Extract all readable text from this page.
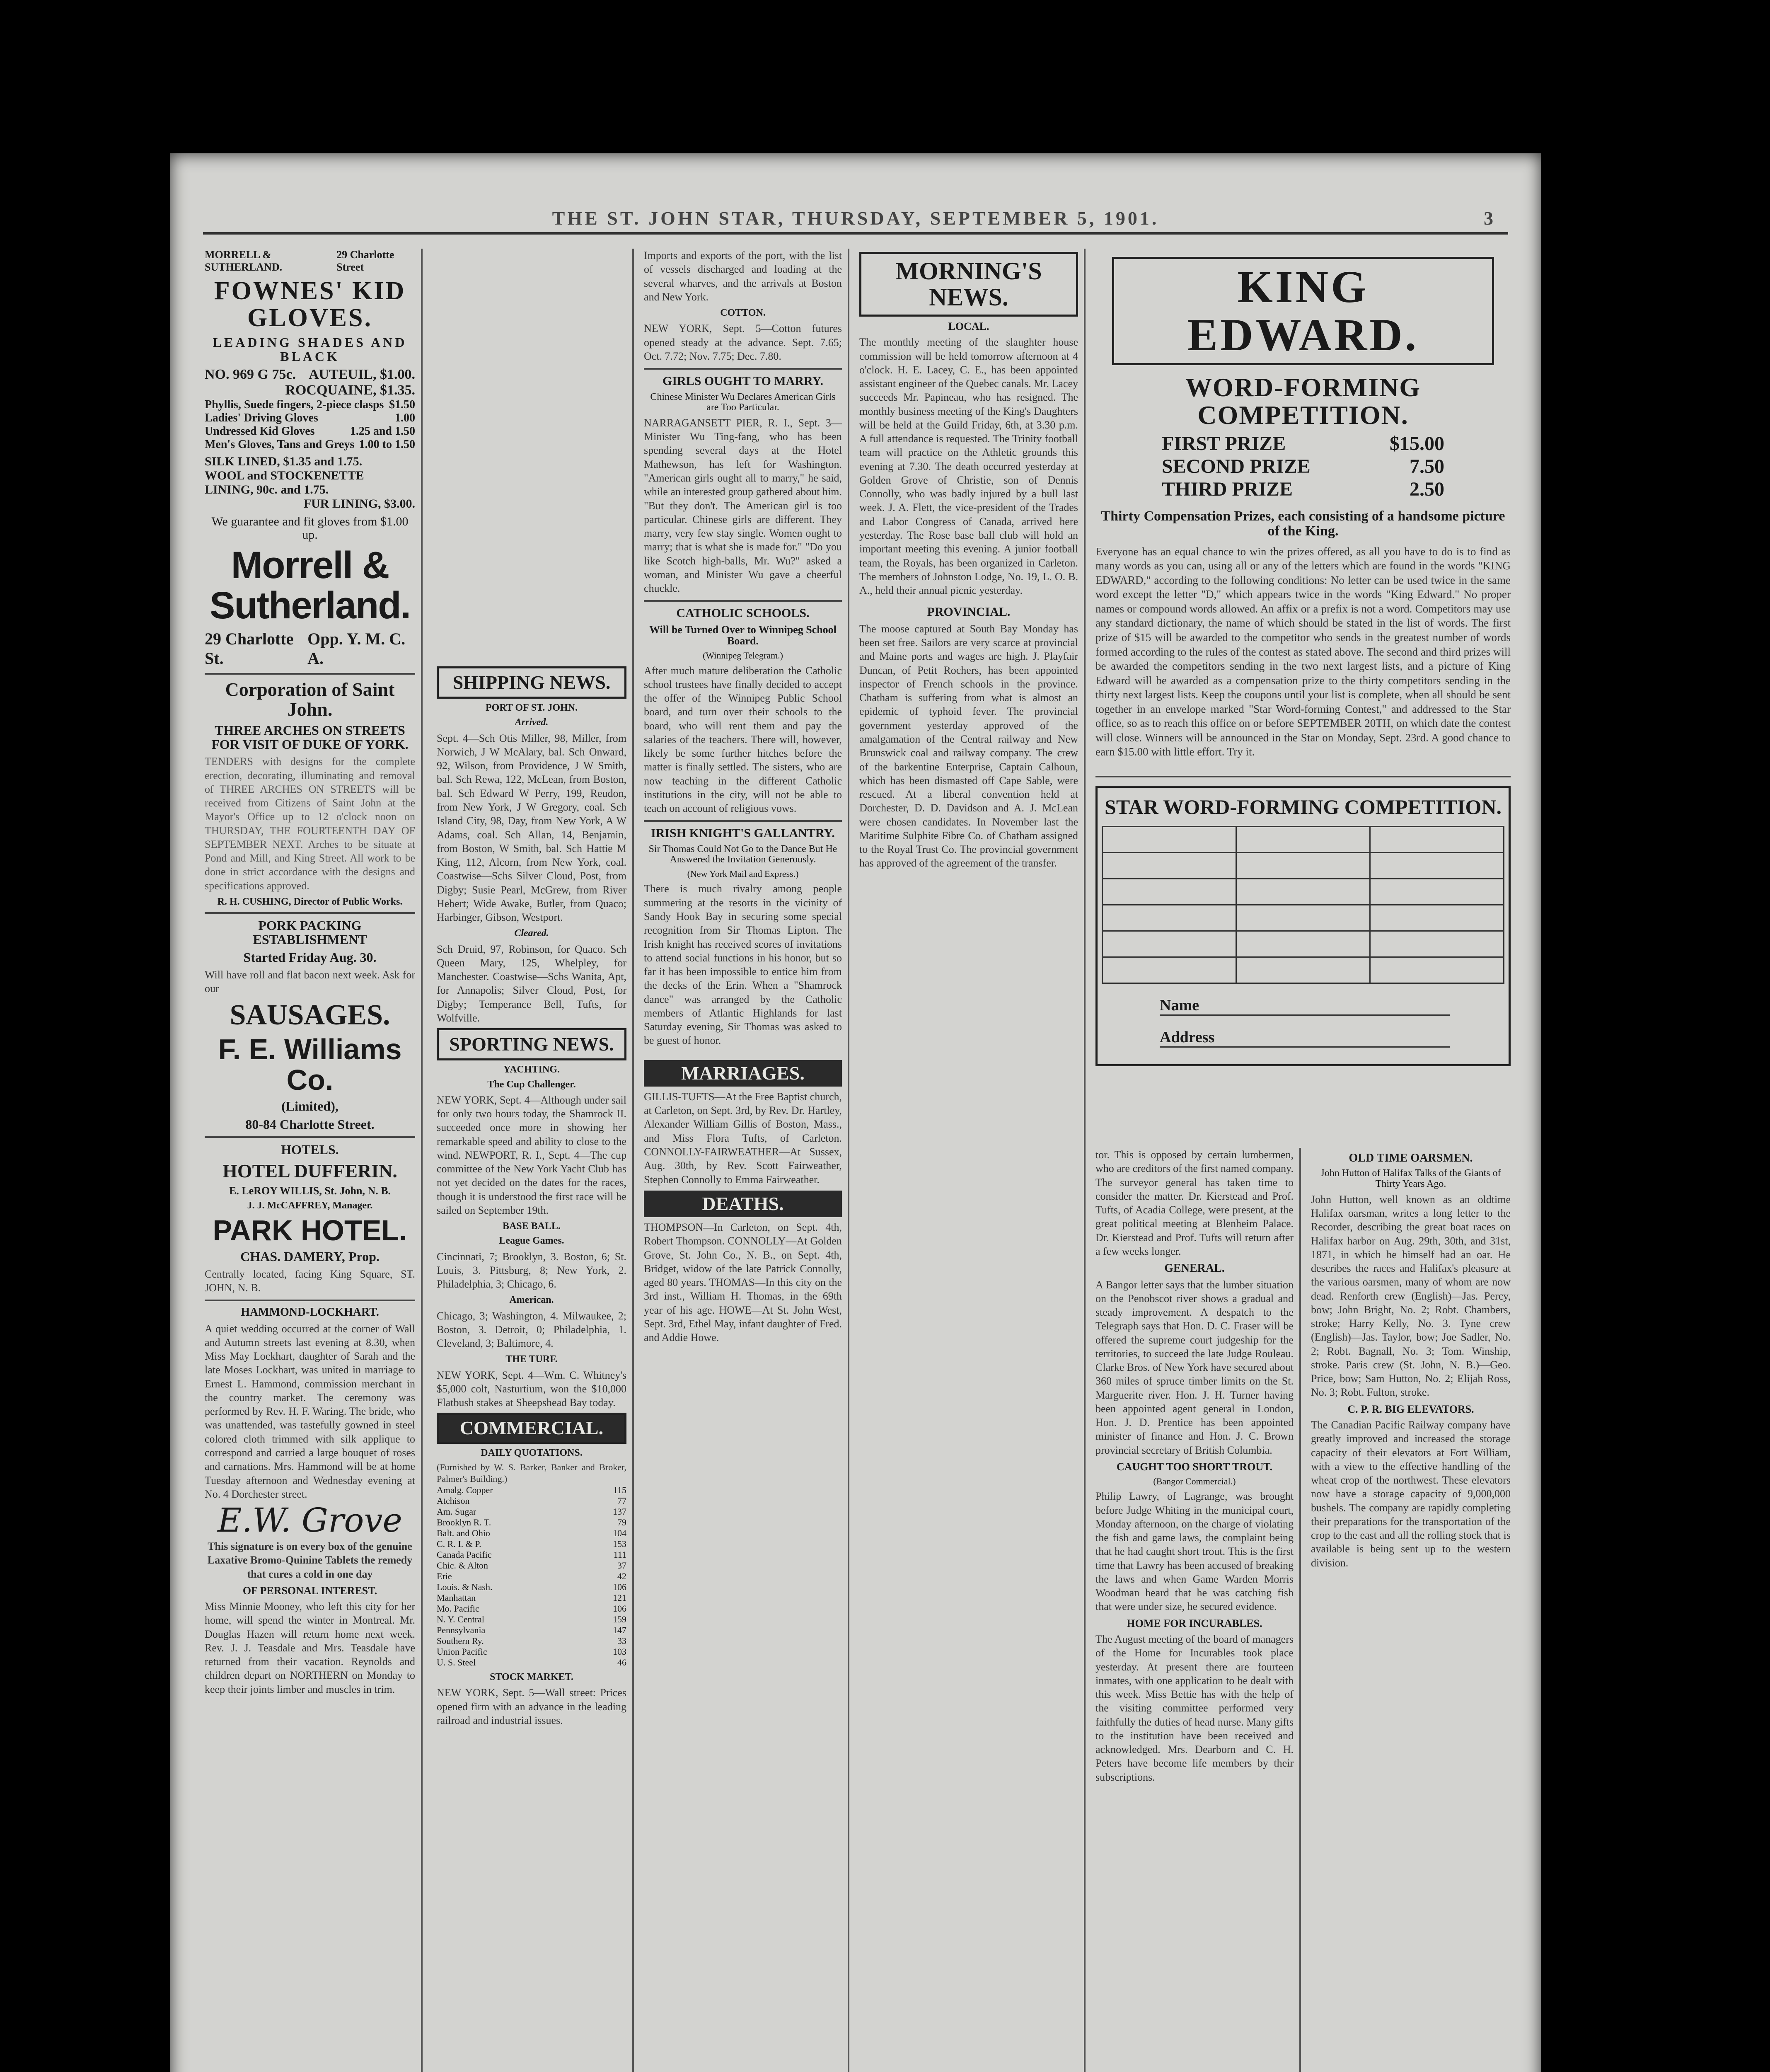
THE ST. JOHN STAR, THURSDAY, SEPTEMBER 5, 1901.	3
MORRELL & SUTHERLAND.
29 Charlotte Street
FOWNES' KID GLOVES.
LEADING SHADES AND BLACK
NO. 969 G 75c. AUTEUIL, $1.00.
ROCQUAINE, $1.35.
Phyllis, Suede fingers, 2-piece clasps $1.50
Ladies' Driving Gloves	1.00
Undressed Kid Gloves	1.25 and 1.50
Men's Gloves, Tans and Greys 1.00 to 1.50
SILK LINED, $1.35 and 1.75.
WOOL and STOCKENETTE LINING, 90c. and 1.75.
FUR LINING, $3.00.
We guarantee and fit gloves from $1.00 up.
Morrell & Sutherland.
29 Charlotte St.
Opp. Y. M. C. A.
Corporation of Saint John.
THREE ARCHES ON STREETS FOR VISIT OF DUKE OF YORK.
TENDERS with designs for the complete erection, decorating, illuminating and removal of THREE ARCHES ON STREETS will be received from Citizens of Saint John at the Mayor's Office up to 12 o'clock noon on THURSDAY, THE FOURTEENTH DAY OF SEPTEMBER NEXT. Arches to be situate at Pond and Mill, and King Street. All work to be done in strict accordance with the designs and specifications approved.
R. H. CUSHING, Director of Public Works.
PORK PACKING ESTABLISHMENT
Started Friday Aug. 30.
Will have roll and flat bacon next week. Ask for our
SAUSAGES.
F. E. Williams Co.
(Limited),
80-84 Charlotte Street.
HOTELS.
HOTEL DUFFERIN.
E. LeROY WILLIS, St. John, N. B.
J. J. McCAFFREY, Manager.
PARK HOTEL.
CHAS. DAMERY, Prop.
Centrally located, facing King Square, ST. JOHN, N. B.
HAMMOND-LOCKHART.
A quiet wedding occurred at the corner of Wall and Autumn streets last evening at 8.30, when Miss May Lockhart, daughter of Sarah and the late Moses Lockhart, was united in marriage to Ernest L. Hammond, commission merchant in the country market. The ceremony was performed by Rev. H. F. Waring. The bride, who was unattended, was tastefully gowned in steel colored cloth trimmed with silk applique to correspond and carried a large bouquet of roses and carnations. Mrs. Hammond will be at home Tuesday afternoon and Wednesday evening at No. 4 Dorchester street.
E.W. Grove
This signature is on every box of the genuine Laxative Bromo-Quinine Tablets the remedy that cures a cold in one day
OF PERSONAL INTEREST.
Miss Minnie Mooney, who left this city for her home, will spend the winter in Montreal. Mr. Douglas Hazen will return home next week. Rev. J. J. Teasdale and Mrs. Teasdale have returned from their vacation. Reynolds and children depart on NORTHERN on Monday to keep their joints limber and muscles in trim.
SHIPPING NEWS.
PORT OF ST. JOHN.
Arrived.
Sept. 4—Sch Otis Miller, 98, Miller, from Norwich, J W McAlary, bal. Sch Onward, 92, Wilson, from Providence, J W Smith, bal. Sch Rewa, 122, McLean, from Boston, bal. Sch Edward W Perry, 199, Reudon, from New York, J W Gregory, coal. Sch Island City, 98, Day, from New York, A W Adams, coal. Sch Allan, 14, Benjamin, from Boston, W Smith, bal. Sch Hattie M King, 112, Alcorn, from New York, coal. Coastwise—Schs Silver Cloud, Post, from Digby; Susie Pearl, McGrew, from River Hebert; Wide Awake, Butler, from Quaco; Harbinger, Gibson, Westport.
Cleared.
Sch Druid, 97, Robinson, for Quaco. Sch Queen Mary, 125, Whelpley, for Manchester. Coastwise—Schs Wanita, Apt, for Annapolis; Silver Cloud, Post, for Digby; Temperance Bell, Tufts, for Wolfville.
SPORTING NEWS.
YACHTING.
The Cup Challenger.
NEW YORK, Sept. 4—Although under sail for only two hours today, the Shamrock II. succeeded once more in showing her remarkable speed and ability to close to the wind. NEWPORT, R. I., Sept. 4—The cup committee of the New York Yacht Club has not yet decided on the dates for the races, though it is understood the first race will be sailed on September 19th.
BASE BALL.
League Games.
Cincinnati, 7; Brooklyn, 3. Boston, 6; St. Louis, 3. Pittsburg, 8; New York, 2. Philadelphia, 3; Chicago, 6.
American.
Chicago, 3; Washington, 4. Milwaukee, 2; Boston, 3. Detroit, 0; Philadelphia, 1. Cleveland, 3; Baltimore, 4.
THE TURF.
NEW YORK, Sept. 4—Wm. C. Whitney's $5,000 colt, Nasturtium, won the $10,000 Flatbush stakes at Sheepshead Bay today.
COMMERCIAL.
DAILY QUOTATIONS.
(Furnished by W. S. Barker, Banker and Broker, Palmer's Building.)
Amalg. Copper	115
Atchison	77
Am. Sugar	137
Brooklyn R. T.	79
Balt. and Ohio	104
C. R. I. & P.	153
Canada Pacific	111
Chic. & Alton	37
Erie	42
Louis. & Nash.	106
Manhattan	121
Mo. Pacific	106
N. Y. Central	159
Pennsylvania	147
Southern Ry.	33
Union Pacific	103
U. S. Steel	46
STOCK MARKET.
NEW YORK, Sept. 5—Wall street: Prices opened firm with an advance in the leading railroad and industrial issues.
Imports and exports of the port, with the list of vessels discharged and loading at the several wharves, and the arrivals at Boston and New York.
COTTON.
NEW YORK, Sept. 5—Cotton futures opened steady at the advance. Sept. 7.65; Oct. 7.72; Nov. 7.75; Dec. 7.80.
GIRLS OUGHT TO MARRY.
Chinese Minister Wu Declares American Girls are Too Particular.
NARRAGANSETT PIER, R. I., Sept. 3—Minister Wu Ting-fang, who has been spending several days at the Hotel Mathewson, has left for Washington. "American girls ought all to marry," he said, while an interested group gathered about him. "But they don't. The American girl is too particular. Chinese girls are different. They marry, very few stay single. Women ought to marry; that is what she is made for." "Do you like Scotch high-balls, Mr. Wu?" asked a woman, and Minister Wu gave a cheerful chuckle.
CATHOLIC SCHOOLS.
Will be Turned Over to Winnipeg School Board.
(Winnipeg Telegram.)
After much mature deliberation the Catholic school trustees have finally decided to accept the offer of the Winnipeg Public School board, and turn over their schools to the board, who will rent them and pay the salaries of the teachers. There will, however, likely be some further hitches before the matter is finally settled. The sisters, who are now teaching in the different Catholic institutions in the city, will not be able to teach on account of religious vows.
IRISH KNIGHT'S GALLANTRY.
Sir Thomas Could Not Go to the Dance But He Answered the Invitation Generously.
(New York Mail and Express.)
There is much rivalry among people summering at the resorts in the vicinity of Sandy Hook Bay in securing some special recognition from Sir Thomas Lipton. The Irish knight has received scores of invitations to attend social functions in his honor, but so far it has been impossible to entice him from the decks of the Erin. When a "Shamrock dance" was arranged by the Catholic members of Atlantic Highlands for last Saturday evening, Sir Thomas was asked to be guest of honor.
MARRIAGES.
GILLIS-TUFTS—At the Free Baptist church, at Carleton, on Sept. 3rd, by Rev. Dr. Hartley, Alexander William Gillis of Boston, Mass., and Miss Flora Tufts, of Carleton. CONNOLLY-FAIRWEATHER—At Sussex, Aug. 30th, by Rev. Scott Fairweather, Stephen Connolly to Emma Fairweather.
DEATHS.
THOMPSON—In Carleton, on Sept. 4th, Robert Thompson. CONNOLLY—At Golden Grove, St. John Co., N. B., on Sept. 4th, Bridget, widow of the late Patrick Connolly, aged 80 years. THOMAS—In this city on the 3rd inst., William H. Thomas, in the 69th year of his age. HOWE—At St. John West, Sept. 3rd, Ethel May, infant daughter of Fred. and Addie Howe.
MORNING'S NEWS.
LOCAL.
The monthly meeting of the slaughter house commission will be held tomorrow afternoon at 4 o'clock. H. E. Lacey, C. E., has been appointed assistant engineer of the Quebec canals. Mr. Lacey succeeds Mr. Papineau, who has resigned. The monthly business meeting of the King's Daughters will be held at the Guild Friday, 6th, at 3.30 p.m. A full attendance is requested. The Trinity football team will practice on the Athletic grounds this evening at 7.30. The death occurred yesterday at Golden Grove of Christie, son of Dennis Connolly, who was badly injured by a bull last week. J. A. Flett, the vice-president of the Trades and Labor Congress of Canada, arrived here yesterday. The Rose base ball club will hold an important meeting this evening. A junior football team, the Royals, has been organized in Carleton. The members of Johnston Lodge, No. 19, L. O. B. A., held their annual picnic yesterday.
PROVINCIAL.
The moose captured at South Bay Monday has been set free. Sailors are very scarce at provincial and Maine ports and wages are high. J. Playfair Duncan, of Petit Rochers, has been appointed inspector of French schools in the province. Chatham is suffering from what is almost an epidemic of typhoid fever. The provincial government yesterday approved of the amalgamation of the Central railway and New Brunswick coal and railway company. The crew of the barkentine Enterprise, Captain Calhoun, which has been dismasted off Cape Sable, were rescued. At a liberal convention held at Dorchester, D. D. Davidson and A. J. McLean were chosen candidates. In November last the Maritime Sulphite Fibre Co. of Chatham assigned to the Royal Trust Co. The provincial government has approved of the agreement of the transfer.
KING EDWARD.
WORD-FORMING COMPETITION.
FIRST PRIZE	$15.00
SECOND PRIZE	7.50
THIRD PRIZE	2.50
Thirty Compensation Prizes, each consisting of a handsome picture of the King.
Everyone has an equal chance to win the prizes offered, as all you have to do is to find as many words as you can, using all or any of the letters which are found in the words "KING EDWARD," according to the following conditions: No letter can be used twice in the same word except the letter "D," which appears twice in the words "King Edward." No proper names or compound words allowed. An affix or a prefix is not a word. Competitors may use any standard dictionary, the name of which should be stated in the list of words. The first prize of $15 will be awarded to the competitor who sends in the greatest number of words formed according to the rules of the contest as stated above. The second and third prizes will be awarded the competitors sending in the two next largest lists, and a picture of King Edward will be awarded as a compensation prize to the thirty competitors sending in the thirty next largest lists. Keep the coupons until your list is complete, when all should be sent together in an envelope marked "Star Word-forming Contest," and addressed to the Star office, so as to reach this office on or before SEPTEMBER 20TH, on which date the contest will close. Winners will be announced in the Star on Monday, Sept. 23rd. A good chance to earn $15.00 with little effort. Try it.
STAR WORD-FORMING COMPETITION.

Name
Address
tor. This is opposed by certain lumbermen, who are creditors of the first named company. The surveyor general has taken time to consider the matter. Dr. Kierstead and Prof. Tufts, of Acadia College, were present, at the great political meeting at Blenheim Palace. Dr. Kierstead and Prof. Tufts will return after a few weeks longer.
GENERAL.
A Bangor letter says that the lumber situation on the Penobscot river shows a gradual and steady improvement. A despatch to the Telegraph says that Hon. D. C. Fraser will be offered the supreme court judgeship for the territories, to succeed the late Judge Rouleau. Clarke Bros. of New York have secured about 360 miles of spruce timber limits on the St. Marguerite river. Hon. J. H. Turner having been appointed agent general in London, Hon. J. D. Prentice has been appointed minister of finance and Hon. J. C. Brown provincial secretary of British Columbia.
CAUGHT TOO SHORT TROUT.
(Bangor Commercial.)
Philip Lawry, of Lagrange, was brought before Judge Whiting in the municipal court, Monday afternoon, on the charge of violating the fish and game laws, the complaint being that he had caught short trout. This is the first time that Lawry has been accused of breaking the laws and when Game Warden Morris Woodman heard that he was catching fish that were under size, he secured evidence.
HOME FOR INCURABLES.
The August meeting of the board of managers of the Home for Incurables took place yesterday. At present there are fourteen inmates, with one application to be dealt with this week. Miss Bettie has with the help of the visiting committee performed very faithfully the duties of head nurse. Many gifts to the institution have been received and acknowledged. Mrs. Dearborn and C. H. Peters have become life members by their subscriptions.
OLD TIME OARSMEN.
John Hutton of Halifax Talks of the Giants of Thirty Years Ago.
John Hutton, well known as an oldtime Halifax oarsman, writes a long letter to the Recorder, describing the great boat races on Halifax harbor on Aug. 29th, 30th, and 31st, 1871, in which he himself had an oar. He describes the races and Halifax's pleasure at the various oarsmen, many of whom are now dead. Renforth crew (English)—Jas. Percy, bow; John Bright, No. 2; Robt. Chambers, stroke; Harry Kelly, No. 3. Tyne crew (English)—Jas. Taylor, bow; Joe Sadler, No. 2; Robt. Bagnall, No. 3; Tom. Winship, stroke. Paris crew (St. John, N. B.)—Geo. Price, bow; Sam Hutton, No. 2; Elijah Ross, No. 3; Robt. Fulton, stroke.
C. P. R. BIG ELEVATORS.
The Canadian Pacific Railway company have greatly improved and increased the storage capacity of their elevators at Fort William, with a view to the effective handling of the wheat crop of the northwest. These elevators now have a storage capacity of 9,000,000 bushels. The company are rapidly completing their preparations for the transportation of the crop to the east and all the rolling stock that is available is being sent up to the western division.
